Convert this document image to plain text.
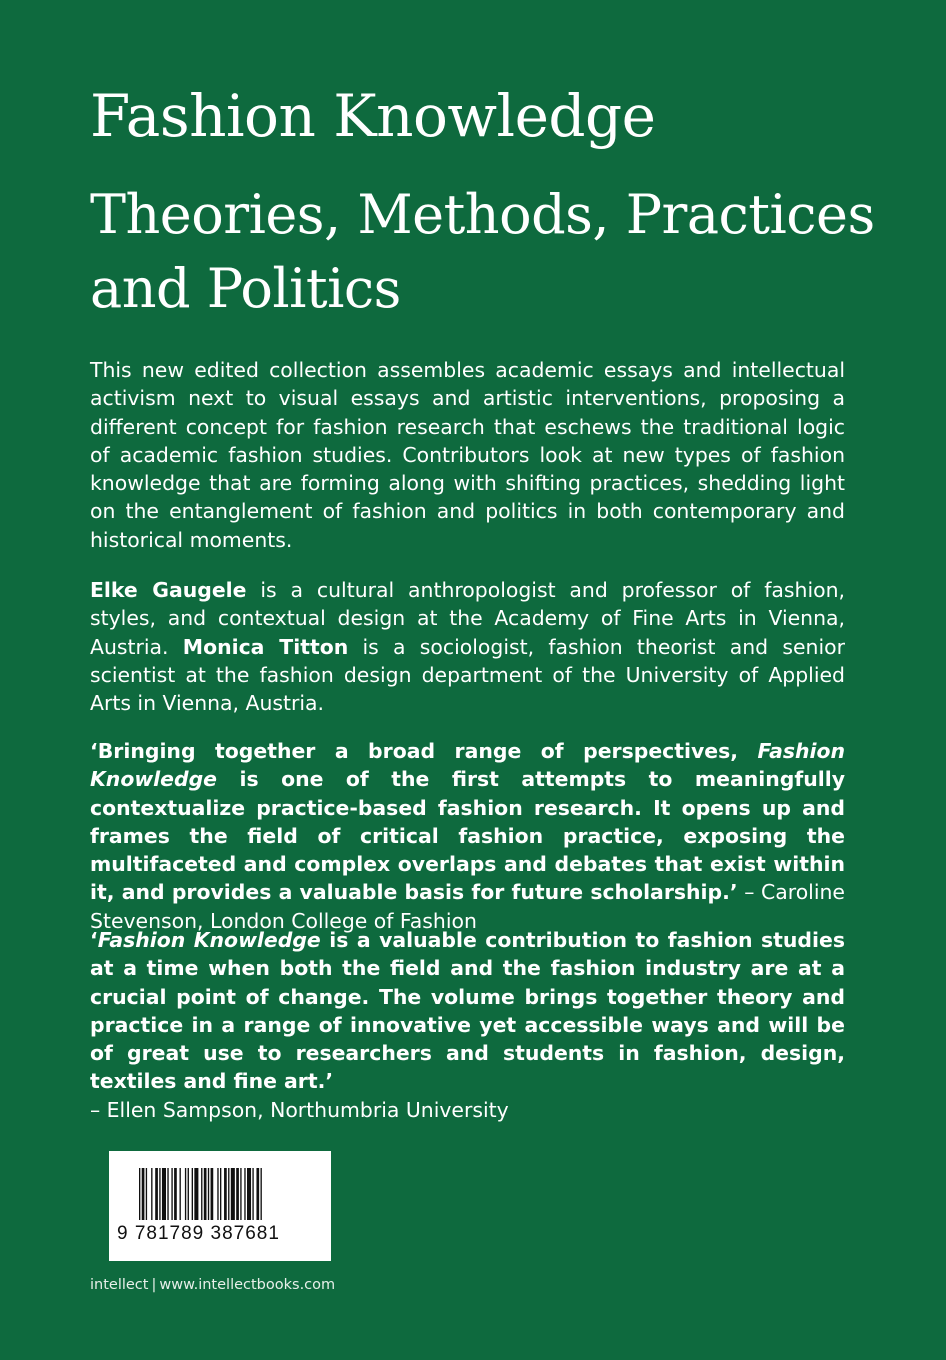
Fashion Knowledge
Theories, Methods, Practices
and Politics

This new edited collection assembles academic essays and intellectual activism next to visual essays and artistic interventions, proposing a different concept for fashion research that eschews the traditional logic of academic fashion studies. Contributors look at new types of fashion knowledge that are forming along with shifting practices, shedding light on the entanglement of fashion and politics in both contemporary and historical moments.

Elke Gaugele is a cultural anthropologist and professor of fashion, styles, and contextual design at the Academy of Fine Arts in Vienna, Austria. Monica Titton is a sociologist, fashion theorist and senior scientist at the fashion design department of the University of Applied Arts in Vienna, Austria.

‘Bringing together a broad range of perspectives, Fashion Knowledge is one of the first attempts to meaningfully contextualize practice-based fashion research. It opens up and frames the field of critical fashion practice, exposing the multifaceted and complex overlaps and debates that exist within it, and provides a valuable basis for future scholarship.’ – Caroline Stevenson, London College of Fashion

‘Fashion Knowledge is a valuable contribution to fashion studies at a time when both the field and the fashion industry are at a crucial point of change. The volume brings together theory and practice in a range of innovative yet accessible ways and will be of great use to researchers and students in fashion, design, textiles and fine art.’
– Ellen Sampson, Northumbria University

9 781789 387681
intellect | www.intellectbooks.com
